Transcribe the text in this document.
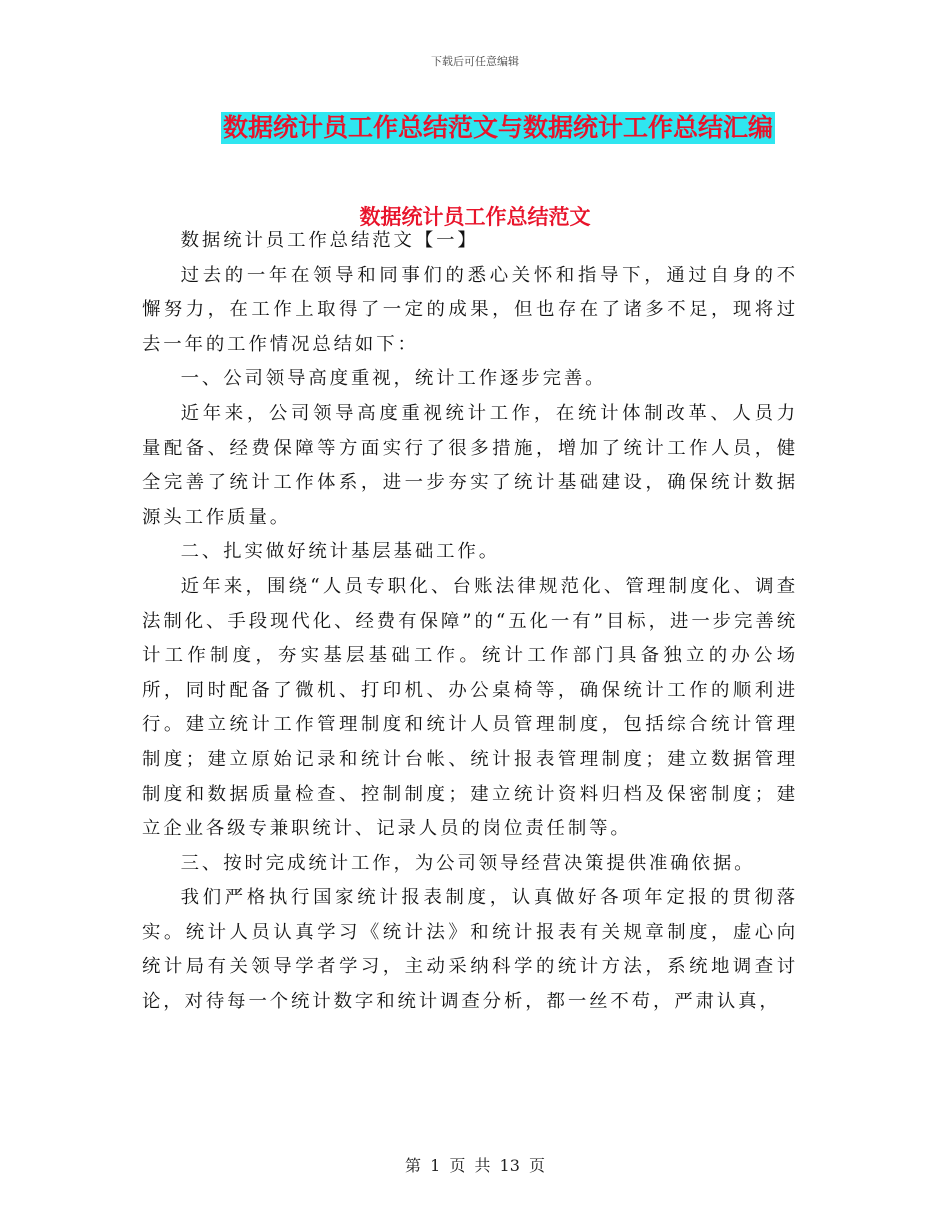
下载后可任意编辑
数据统计员工作总结范文与数据统计工作总结汇编
数据统计员工作总结范文

数据统计员工作总结范文【一】

过去的一年在领导和同事们的悉心关怀和指导下，通过自身的不懈努力，在工作上取得了一定的成果，但也存在了诸多不足，现将过去一年的工作情况总结如下：

一、公司领导高度重视，统计工作逐步完善。

近年来，公司领导高度重视统计工作，在统计体制改革、人员力量配备、经费保障等方面实行了很多措施，增加了统计工作人员，健全完善了统计工作体系，进一步夯实了统计基础建设，确保统计数据源头工作质量。

二、扎实做好统计基层基础工作。

近年来，围绕“人员专职化、台账法律规范化、管理制度化、调查法制化、手段现代化、经费有保障”的“五化一有”目标，进一步完善统计工作制度，夯实基层基础工作。统计工作部门具备独立的办公场所，同时配备了微机、打印机、办公桌椅等，确保统计工作的顺利进行。建立统计工作管理制度和统计人员管理制度，包括综合统计管理制度；建立原始记录和统计台帐、统计报表管理制度；建立数据管理制度和数据质量检查、控制制度；建立统计资料归档及保密制度；建立企业各级专兼职统计、记录人员的岗位责任制等。

三、按时完成统计工作，为公司领导经营决策提供准确依据。

我们严格执行国家统计报表制度，认真做好各项年定报的贯彻落实。统计人员认真学习《统计法》和统计报表有关规章制度，虚心向统计局有关领导学者学习，主动采纳科学的统计方法，系统地调查讨论，对待每一个统计数字和统计调查分析，都一丝不苟，严肃认真，

第 1 页 共 13 页
